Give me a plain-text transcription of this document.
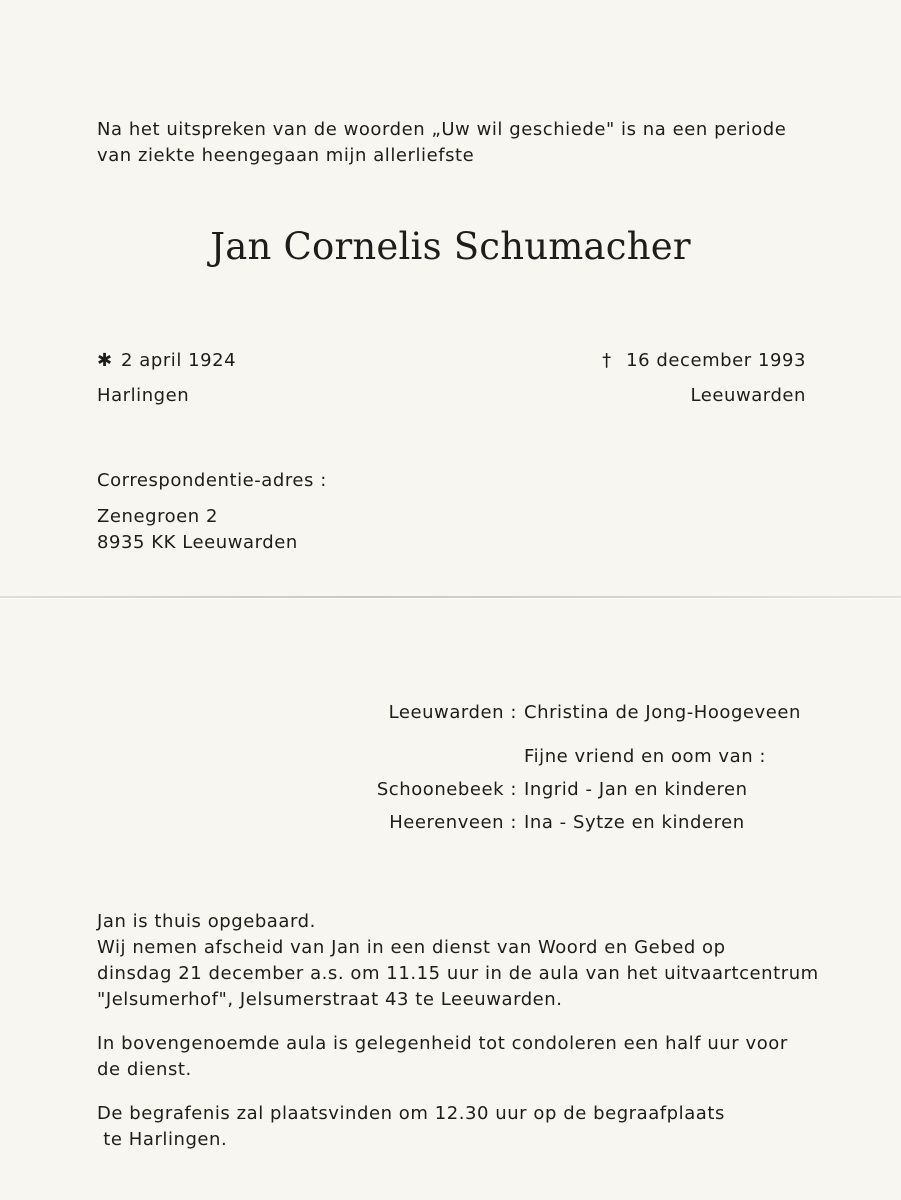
Na het uitspreken van de woorden „Uw wil geschiede" is na een periode
van ziekte heengegaan mijn allerliefste
Jan Cornelis Schumacher
✱ 2 april 1924
Harlingen
† 16 december 1993
Leeuwarden
Correspondentie-adres :
Zenegroen 2
8935 KK Leeuwarden
Leeuwarden : Christina de Jong-Hoogeveen
Fijne vriend en oom van :
Schoonebeek : Ingrid - Jan en kinderen
Heerenveen : Ina - Sytze en kinderen
Jan is thuis opgebaard.
Wij nemen afscheid van Jan in een dienst van Woord en Gebed op
dinsdag 21 december a.s. om 11.15 uur in de aula van het uitvaartcentrum
"Jelsumerhof", Jelsumerstraat 43 te Leeuwarden.
In bovengenoemde aula is gelegenheid tot condoleren een half uur voor
de dienst.
De begrafenis zal plaatsvinden om 12.30 uur op de begraafplaats
te Harlingen.
